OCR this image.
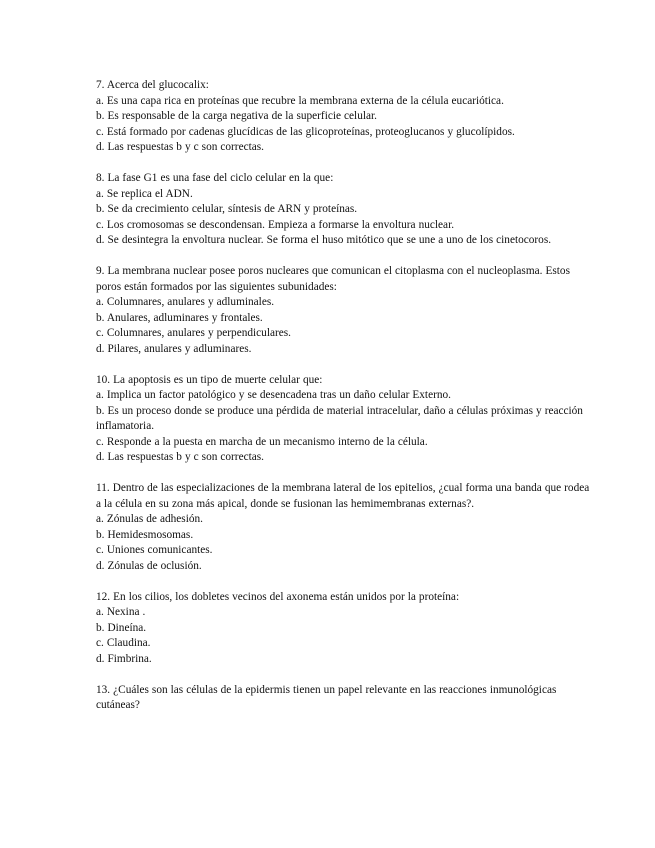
7. Acerca del glucocalix:
a. Es una capa rica en proteínas que recubre la membrana externa de la célula eucariótica.
b. Es responsable de la carga negativa de la superficie celular.
c. Está formado por cadenas glucídicas de las glicoproteínas, proteoglucanos y glucolípidos.
d. Las respuestas b y c son correctas.
8. La fase G1 es una fase del ciclo celular en la que:
a. Se replica el ADN.
b. Se da crecimiento celular, síntesis de ARN y proteínas.
c. Los cromosomas se descondensan. Empieza a formarse la envoltura nuclear.
d. Se desintegra la envoltura nuclear. Se forma el huso mitótico que se une a uno de los cinetocoros.
9. La membrana nuclear posee poros nucleares que comunican el citoplasma con el nucleoplasma. Estos poros están formados por las siguientes subunidades:
a. Columnares, anulares y adluminales.
b. Anulares, adluminares y frontales.
c. Columnares, anulares y perpendiculares.
d. Pilares, anulares y adluminares.
10. La apoptosis es un tipo de muerte celular que:
a. Implica un factor patológico y se desencadena tras un daño celular Externo.
b. Es un proceso donde se produce una pérdida de material intracelular, daño a células próximas y reacción inflamatoria.
c. Responde a la puesta en marcha de un mecanismo interno de la célula.
d. Las respuestas b y c son correctas.
11. Dentro de las especializaciones de la membrana lateral de los epitelios, ¿cual forma una banda que rodea a la célula en su zona más apical, donde se fusionan las hemimembranas externas?.
a. Zónulas de adhesión.
b. Hemidesmosomas.
c. Uniones comunicantes.
d. Zónulas de oclusión.
12. En los cilios, los dobletes vecinos del axonema están unidos por la proteína:
a. Nexina .
b. Dineína.
c. Claudina.
d. Fimbrina.
13. ¿Cuáles son las células de la epidermis tienen un papel relevante en las reacciones inmunológicas cutáneas?
